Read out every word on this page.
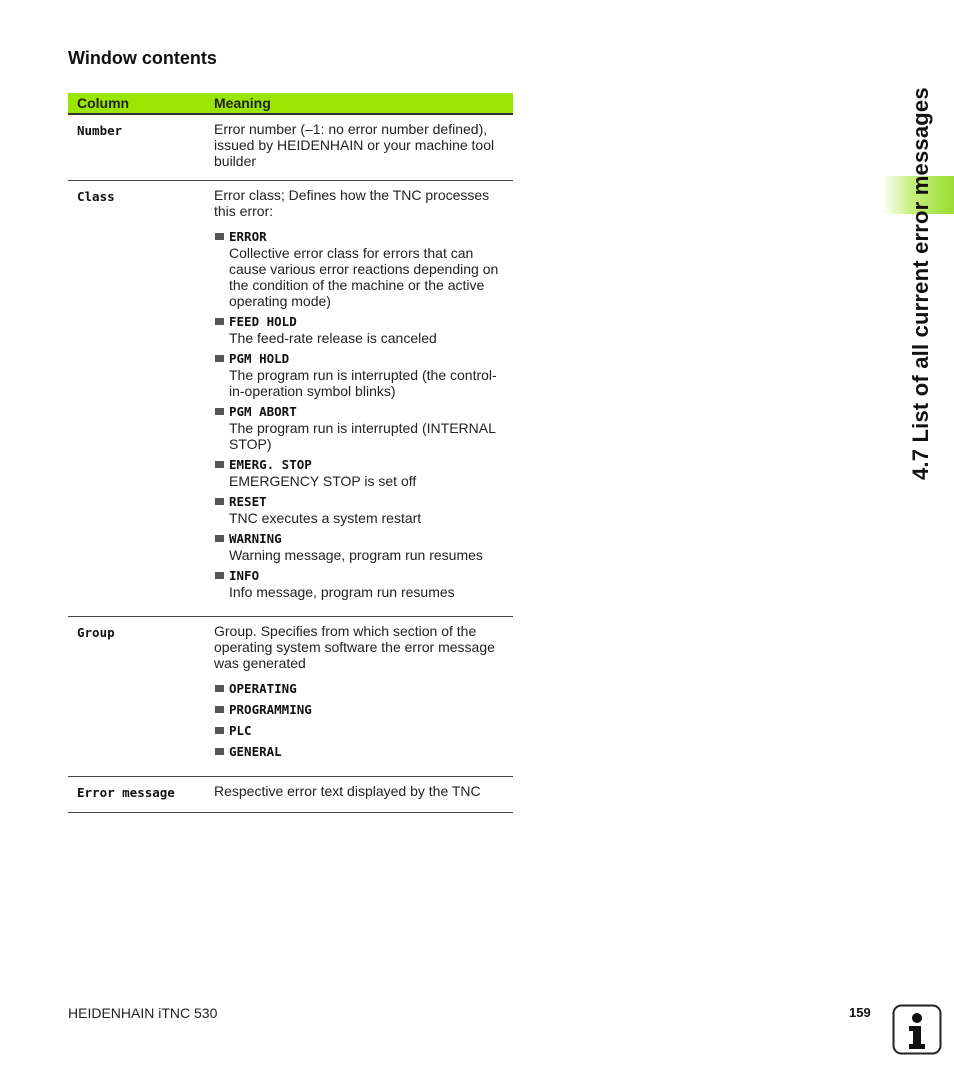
Window contents
Column	Meaning
Number	Error number (–1: no error number defined), issued by HEIDENHAIN or your machine tool builder
Class	Error class; Defines how the TNC processes this error:
ERROR
Collective error class for errors that can cause various error reactions depending on the condition of the machine or the active operating mode)
FEED HOLD
The feed-rate release is canceled
PGM HOLD
The program run is interrupted (the control-in-operation symbol blinks)
PGM ABORT
The program run is interrupted (INTERNAL STOP)
EMERG. STOP
EMERGENCY STOP is set off
RESET
TNC executes a system restart
WARNING
Warning message, program run resumes
INFO
Info message, program run resumes
Group	Group. Specifies from which section of the operating system software the error message was generated
OPERATING
PROGRAMMING
PLC
GENERAL
Error message	Respective error text displayed by the TNC
4.7 List of all current error messages
HEIDENHAIN iTNC 530	159
